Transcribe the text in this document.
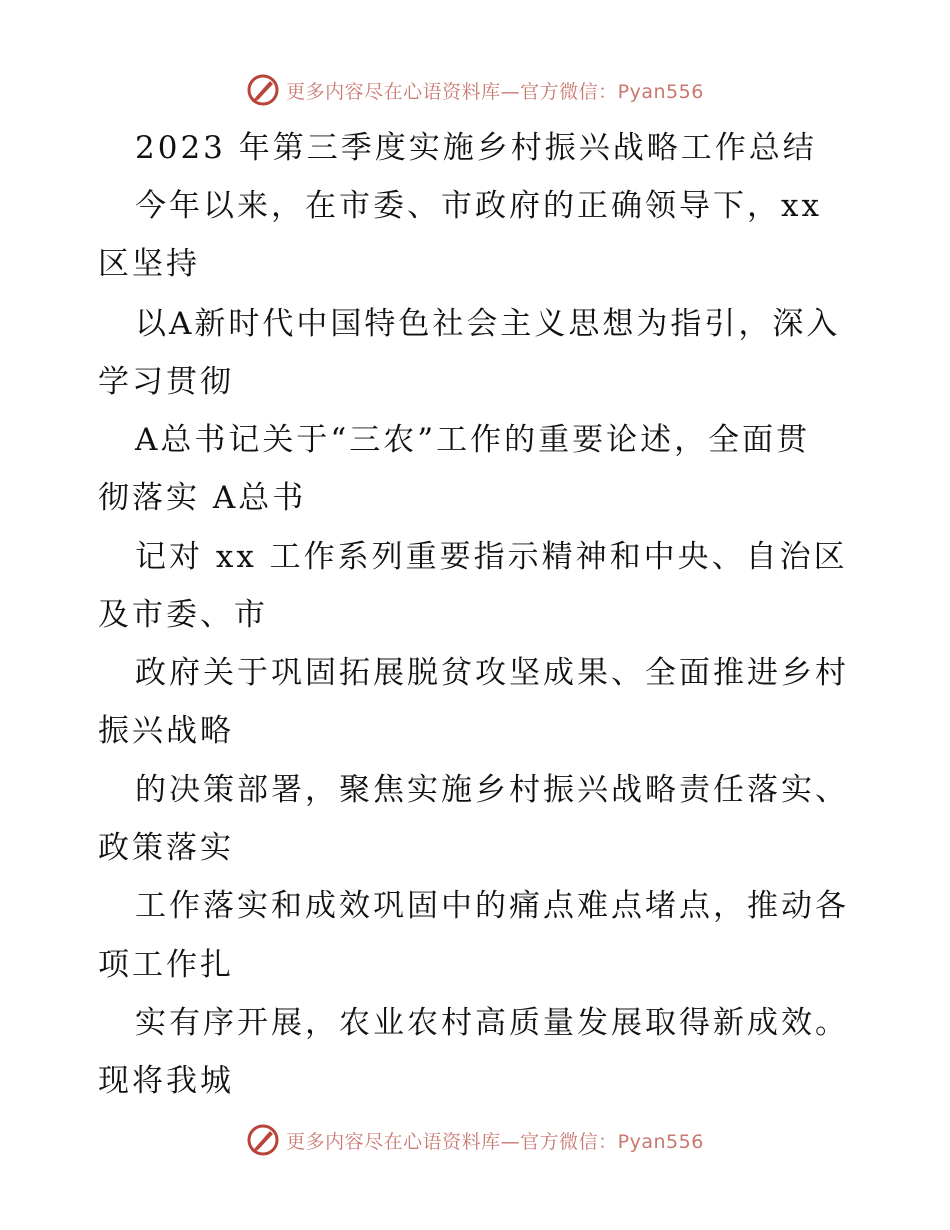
更多内容尽在心语资料库—官方微信：Pyan556
2023 年第三季度实施乡村振兴战略工作总结
今年以来，在市委、市政府的正确领导下，xx
区坚持
以A新时代中国特色社会主义思想为指引，深入
学习贯彻
A总书记关于“三农”工作的重要论述，全面贯
彻落实 A总书
记对 xx 工作系列重要指示精神和中央、自治区
及市委、市
政府关于巩固拓展脱贫攻坚成果、全面推进乡村
振兴战略
的决策部署，聚焦实施乡村振兴战略责任落实、
政策落实
工作落实和成效巩固中的痛点难点堵点，推动各
项工作扎
实有序开展，农业农村高质量发展取得新成效。
现将我城
更多内容尽在心语资料库—官方微信：Pyan556
